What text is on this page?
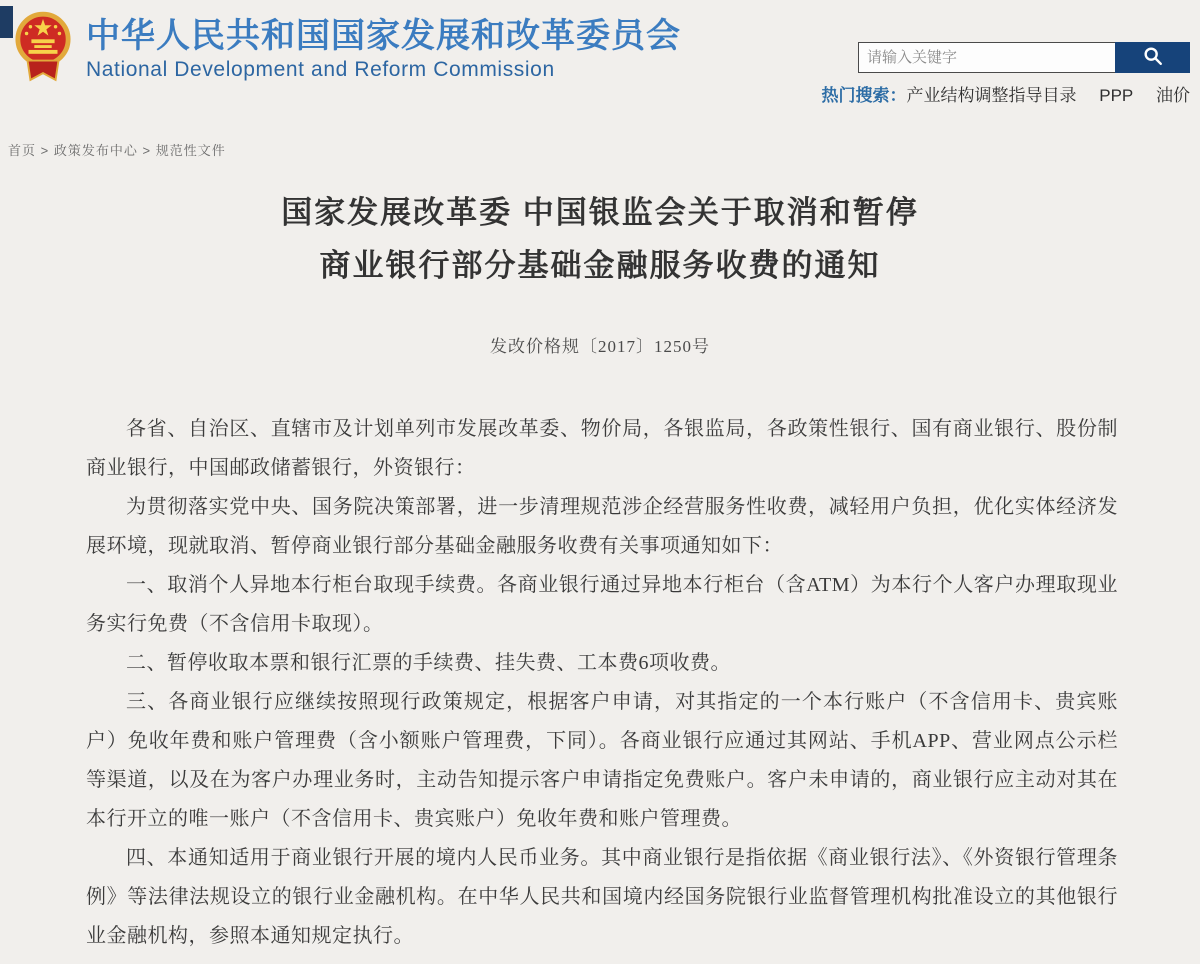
中华人民共和国国家发展和改革委员会
National Development and Reform Commission
请输入关键字
热门搜索： 产业结构调整指导目录 PPP 油价
首页 > 政策发布中心 > 规范性文件
国家发展改革委 中国银监会关于取消和暂停
商业银行部分基础金融服务收费的通知
发改价格规〔2017〕1250号

各省、自治区、直辖市及计划单列市发展改革委、物价局，各银监局，各政策性银行、国有商业银行、股份制商业银行，中国邮政储蓄银行，外资银行：

为贯彻落实党中央、国务院决策部署，进一步清理规范涉企经营服务性收费，减轻用户负担，优化实体经济发展环境，现就取消、暂停商业银行部分基础金融服务收费有关事项通知如下：

一、取消个人异地本行柜台取现手续费。各商业银行通过异地本行柜台（含ATM）为本行个人客户办理取现业务实行免费（不含信用卡取现）。

二、暂停收取本票和银行汇票的手续费、挂失费、工本费6项收费。

三、各商业银行应继续按照现行政策规定，根据客户申请，对其指定的一个本行账户（不含信用卡、贵宾账户）免收年费和账户管理费（含小额账户管理费，下同）。各商业银行应通过其网站、手机APP、营业网点公示栏等渠道，以及在为客户办理业务时，主动告知提示客户申请指定免费账户。客户未申请的，商业银行应主动对其在本行开立的唯一账户（不含信用卡、贵宾账户）免收年费和账户管理费。

四、本通知适用于商业银行开展的境内人民币业务。其中商业银行是指依据《商业银行法》、《外资银行管理条例》等法律法规设立的银行业金融机构。在中华人民共和国境内经国务院银行业监督管理机构批准设立的其他银行业金融机构，参照本通知规定执行。
